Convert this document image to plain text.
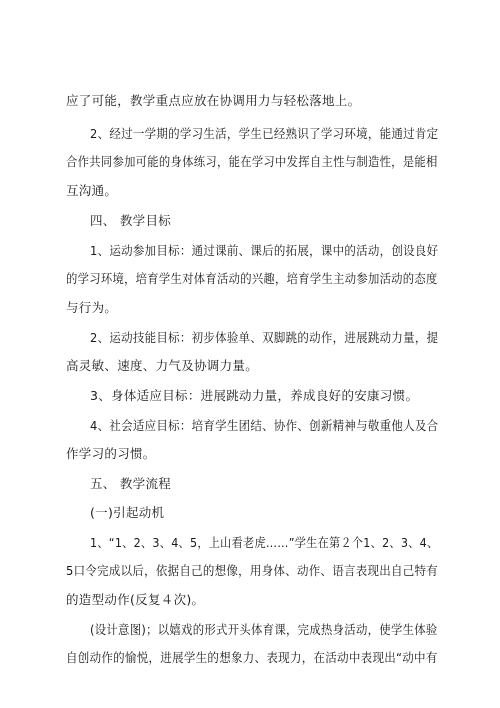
应了可能，教学重点应放在协调用力与轻松落地上。
2、经过一学期的学习生活，学生已经熟识了学习环境，能通过肯定
合作共同参加可能的身体练习，能在学习中发挥自主性与制造性，是能相
互沟通。
四、 教学目标
1、运动参加目标：通过课前、课后的拓展，课中的活动，创设良好
的学习环境，培育学生对体育活动的兴趣，培育学生主动参加活动的态度
与行为。
2、运动技能目标：初步体验单、双脚跳的动作，进展跳动力量，提
高灵敏、速度、力气及协调力量。
3、身体适应目标：进展跳动力量，养成良好的安康习惯。
4、社会适应目标：培育学生团结、协作、创新精神与敬重他人及合
作学习的习惯。
五、 教学流程
(一)引起动机
1、“1、2、3、4、5，上山看老虎……”学生在第２个1、2、3、4、
5口令完成以后，依据自己的想像，用身体、动作、语言表现出自己特有
的造型动作(反复４次)。
(设计意图)；以嬉戏的形式开头体育课，完成热身活动，使学生体验
自创动作的愉悦，进展学生的想象力、表现力，在活动中表现出“动中有
